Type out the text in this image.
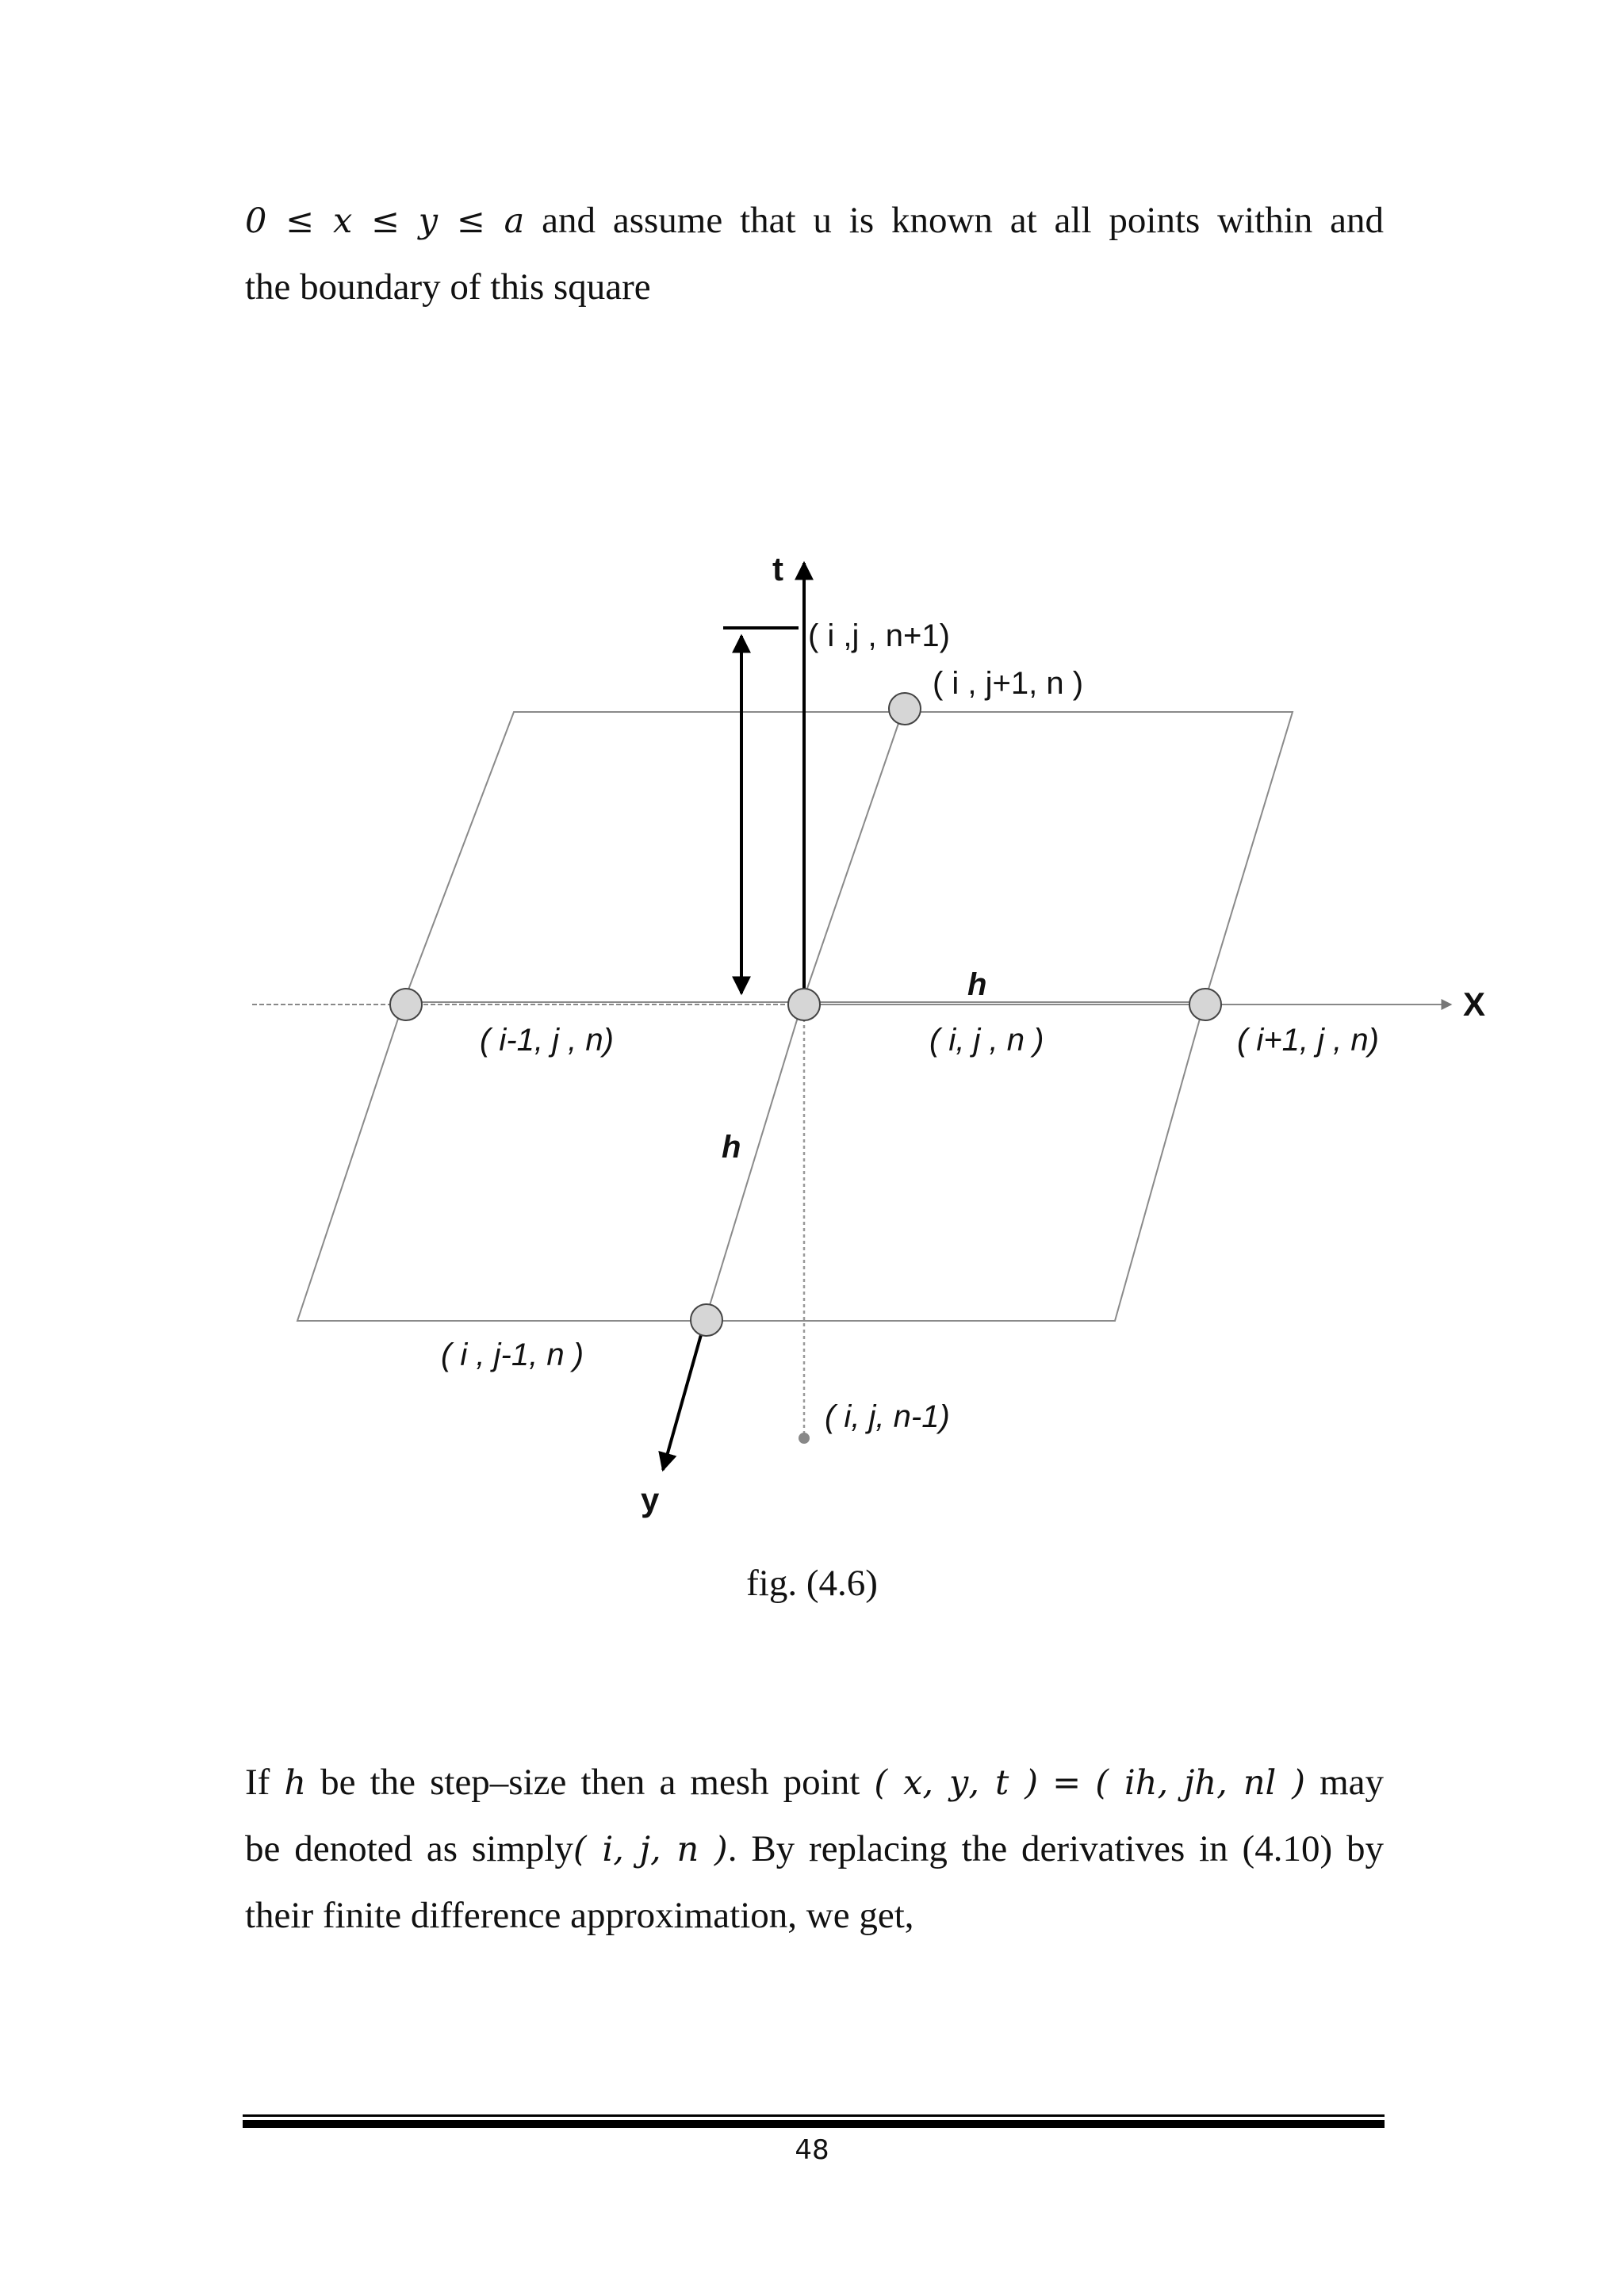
0 ≤ 𝑥 ≤ 𝑦 ≤ 𝑎 and assume that u is known at all points within and
the boundary of this square
t
X
y
h
h
( i ,j , n+1)
( i , j+1, n )
( i-1, j , n)	( i, j , n )	( i+1, j , n)
( i , j-1, n )
( i, j, n-1)
fig. (4.6)
If ℎ be the step–size then a mesh point ( 𝑥, 𝑦, 𝑡 ) = ( 𝑖ℎ, 𝑗ℎ, 𝑛𝑙 ) may
be denoted as simply( 𝑖, 𝑗, 𝑛 ). By replacing the derivatives in (4.10) by
their finite difference approximation, we get,
48
